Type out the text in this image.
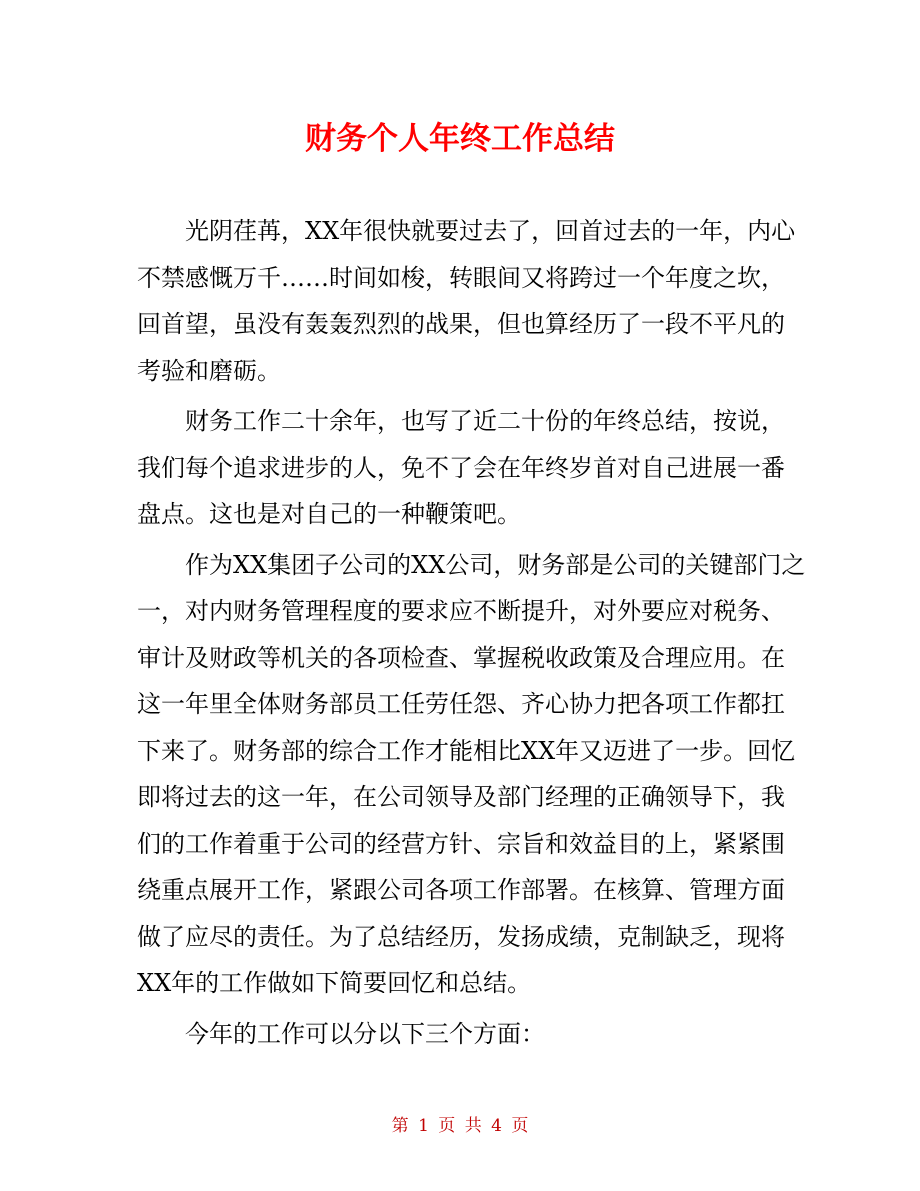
财务个人年终工作总结
光阴荏苒，XX年很快就要过去了，回首过去的一年，内心
不禁感慨万千……时间如梭，转眼间又将跨过一个年度之坎，
回首望，虽没有轰轰烈烈的战果，但也算经历了一段不平凡的
考验和磨砺。
财务工作二十余年，也写了近二十份的年终总结，按说，
我们每个追求进步的人，免不了会在年终岁首对自己进展一番
盘点。这也是对自己的一种鞭策吧。
作为XX集团子公司的XX公司，财务部是公司的关键部门之
一，对内财务管理程度的要求应不断提升，对外要应对税务、
审计及财政等机关的各项检查、掌握税收政策及合理应用。在
这一年里全体财务部员工任劳任怨、齐心协力把各项工作都扛
下来了。财务部的综合工作才能相比XX年又迈进了一步。回忆
即将过去的这一年，在公司领导及部门经理的正确领导下，我
们的工作着重于公司的经营方针、宗旨和效益目的上，紧紧围
绕重点展开工作，紧跟公司各项工作部署。在核算、管理方面
做了应尽的责任。为了总结经历，发扬成绩，克制缺乏，现将
XX年的工作做如下简要回忆和总结。
今年的工作可以分以下三个方面：
第 1 页 共 4 页
